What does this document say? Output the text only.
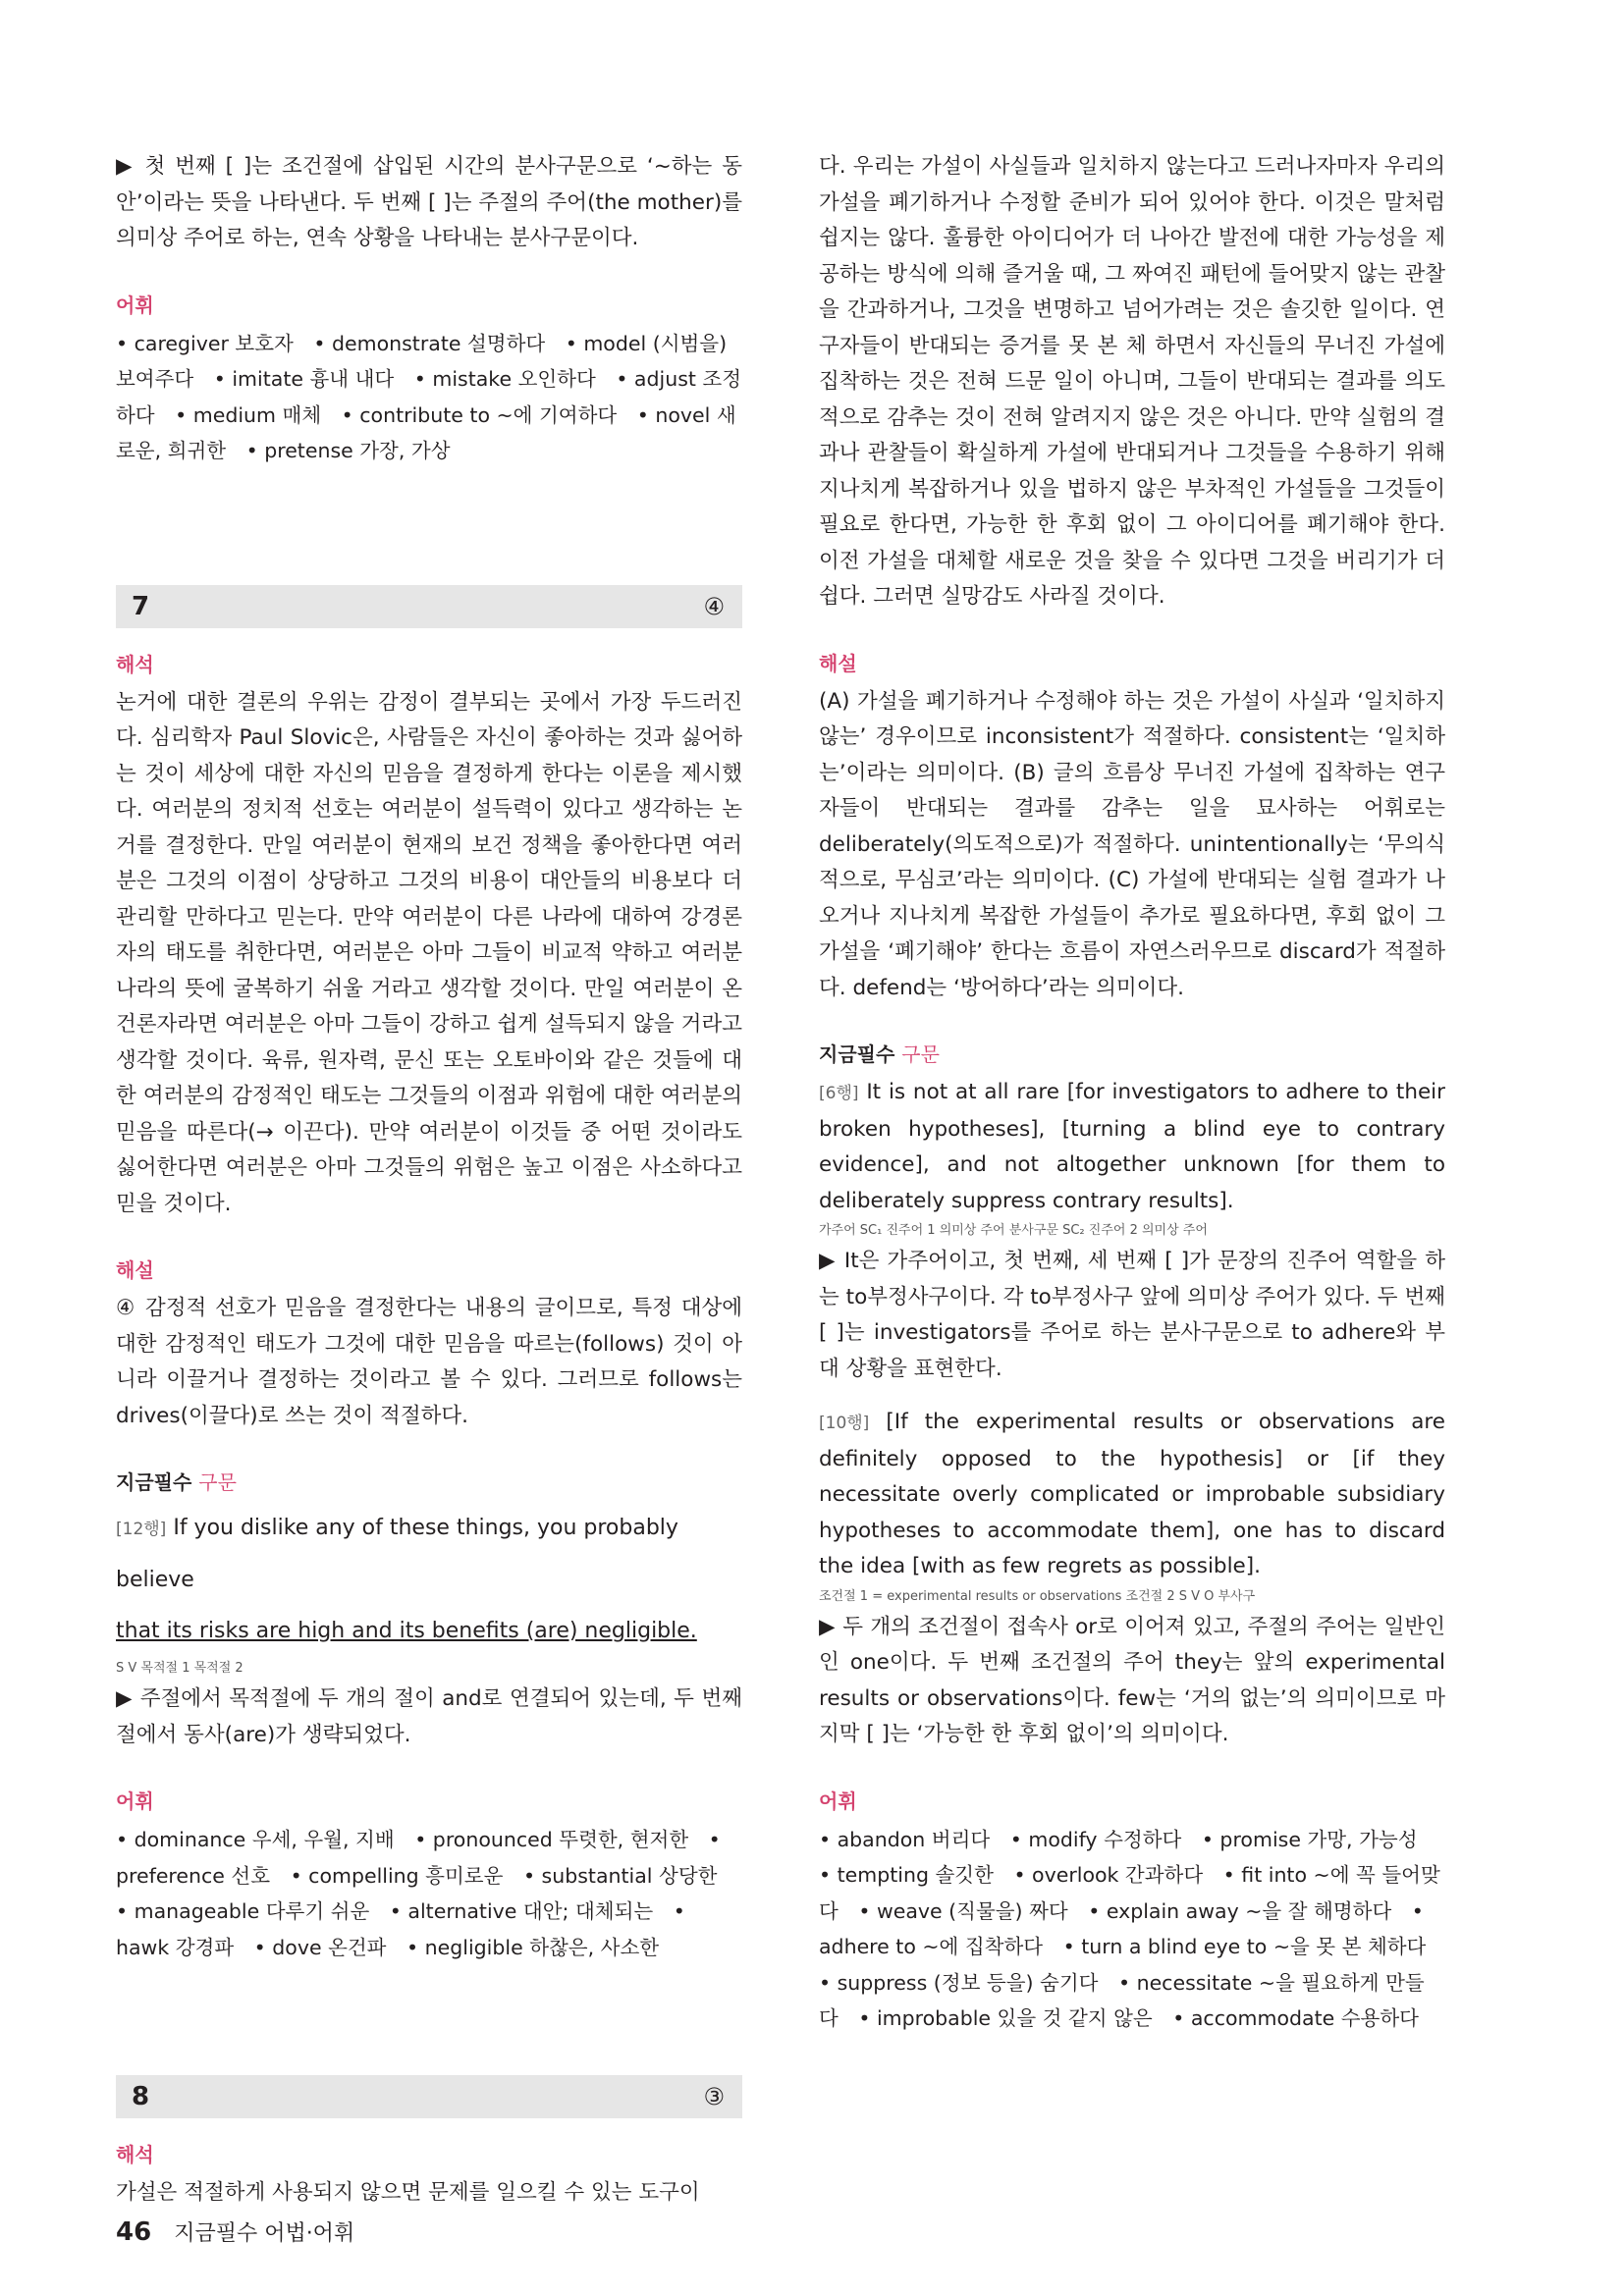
▶ 첫 번째 [ ]는 조건절에 삽입된 시간의 분사구문으로 ‘~하는 동안’이라는 뜻을 나타낸다. 두 번째 [ ]는 주절의 주어(the mother)를 의미상 주어로 하는, 연속 상황을 나타내는 분사구문이다.

어휘

• caregiver 보호자 • demonstrate 설명하다 • model (시범을) 보여주다 • imitate 흉내 내다 • mistake 오인하다 • adjust 조정하다 • medium 매체 • contribute to ~에 기여하다 • novel 새로운, 희귀한 • pretense 가장, 가상

7	④

해석

논거에 대한 결론의 우위는 감정이 결부되는 곳에서 가장 두드러진다. 심리학자 Paul Slovic은, 사람들은 자신이 좋아하는 것과 싫어하는 것이 세상에 대한 자신의 믿음을 결정하게 한다는 이론을 제시했다. 여러분의 정치적 선호는 여러분이 설득력이 있다고 생각하는 논거를 결정한다. 만일 여러분이 현재의 보건 정책을 좋아한다면 여러분은 그것의 이점이 상당하고 그것의 비용이 대안들의 비용보다 더 관리할 만하다고 믿는다. 만약 여러분이 다른 나라에 대하여 강경론자의 태도를 취한다면, 여러분은 아마 그들이 비교적 약하고 여러분 나라의 뜻에 굴복하기 쉬울 거라고 생각할 것이다. 만일 여러분이 온건론자라면 여러분은 아마 그들이 강하고 쉽게 설득되지 않을 거라고 생각할 것이다. 육류, 원자력, 문신 또는 오토바이와 같은 것들에 대한 여러분의 감정적인 태도는 그것들의 이점과 위험에 대한 여러분의 믿음을 따른다(→ 이끈다). 만약 여러분이 이것들 중 어떤 것이라도 싫어한다면 여러분은 아마 그것들의 위험은 높고 이점은 사소하다고 믿을 것이다.

해설

④ 감정적 선호가 믿음을 결정한다는 내용의 글이므로, 특정 대상에 대한 감정적인 태도가 그것에 대한 믿음을 따르는(follows) 것이 아니라 이끌거나 결정하는 것이라고 볼 수 있다. 그러므로 follows는 drives(이끌다)로 쓰는 것이 적절하다.

지금필수 구문

[12행] If you dislike any of these things, you probably believe
that its risks are high and its benefits (are) negligible.

S V 목적절 1 목적절 2

▶ 주절에서 목적절에 두 개의 절이 and로 연결되어 있는데, 두 번째 절에서 동사(are)가 생략되었다.

어휘

• dominance 우세, 우월, 지배 • pronounced 뚜렷한, 현저한 • preference 선호 • compelling 흥미로운 • substantial 상당한 • manageable 다루기 쉬운 • alternative 대안; 대체되는 • hawk 강경파 • dove 온건파 • negligible 하찮은, 사소한

8	③

해석

가설은 적절하게 사용되지 않으면 문제를 일으킬 수 있는 도구이

다. 우리는 가설이 사실들과 일치하지 않는다고 드러나자마자 우리의 가설을 폐기하거나 수정할 준비가 되어 있어야 한다. 이것은 말처럼 쉽지는 않다. 훌륭한 아이디어가 더 나아간 발전에 대한 가능성을 제공하는 방식에 의해 즐거울 때, 그 짜여진 패턴에 들어맞지 않는 관찰을 간과하거나, 그것을 변명하고 넘어가려는 것은 솔깃한 일이다. 연구자들이 반대되는 증거를 못 본 체 하면서 자신들의 무너진 가설에 집착하는 것은 전혀 드문 일이 아니며, 그들이 반대되는 결과를 의도적으로 감추는 것이 전혀 알려지지 않은 것은 아니다. 만약 실험의 결과나 관찰들이 확실하게 가설에 반대되거나 그것들을 수용하기 위해 지나치게 복잡하거나 있을 법하지 않은 부차적인 가설들을 그것들이 필요로 한다면, 가능한 한 후회 없이 그 아이디어를 폐기해야 한다. 이전 가설을 대체할 새로운 것을 찾을 수 있다면 그것을 버리기가 더 쉽다. 그러면 실망감도 사라질 것이다.

해설

(A) 가설을 폐기하거나 수정해야 하는 것은 가설이 사실과 ‘일치하지 않는’ 경우이므로 inconsistent가 적절하다. consistent는 ‘일치하는’이라는 의미이다. (B) 글의 흐름상 무너진 가설에 집착하는 연구자들이 반대되는 결과를 감추는 일을 묘사하는 어휘로는 deliberately(의도적으로)가 적절하다. unintentionally는 ‘무의식적으로, 무심코’라는 의미이다. (C) 가설에 반대되는 실험 결과가 나오거나 지나치게 복잡한 가설들이 추가로 필요하다면, 후회 없이 그 가설을 ‘폐기해야’ 한다는 흐름이 자연스러우므로 discard가 적절하다. defend는 ‘방어하다’라는 의미이다.

지금필수 구문

[6행] It is not at all rare [for investigators to adhere to their broken hypotheses], [turning a blind eye to contrary evidence], and not altogether unknown [for them to deliberately suppress contrary results].

가주어 SC₁ 진주어 1 의미상 주어 분사구문 SC₂ 진주어 2 의미상 주어

▶ It은 가주어이고, 첫 번째, 세 번째 [ ]가 문장의 진주어 역할을 하는 to부정사구이다. 각 to부정사구 앞에 의미상 주어가 있다. 두 번째 [ ]는 investigators를 주어로 하는 분사구문으로 to adhere와 부대 상황을 표현한다.

[10행] [If the experimental results or observations are definitely opposed to the hypothesis] or [if they necessitate overly complicated or improbable subsidiary hypotheses to accommodate them], one has to discard the idea [with as few regrets as possible].

조건절 1 = experimental results or observations 조건절 2 S V O 부사구

▶ 두 개의 조건절이 접속사 or로 이어져 있고, 주절의 주어는 일반인인 one이다. 두 번째 조건절의 주어 they는 앞의 experimental results or observations이다. few는 ‘거의 없는’의 의미이므로 마지막 [ ]는 ‘가능한 한 후회 없이’의 의미이다.

어휘

• abandon 버리다 • modify 수정하다 • promise 가망, 가능성 • tempting 솔깃한 • overlook 간과하다 • fit into ~에 꼭 들어맞다 • weave (직물을) 짜다 • explain away ~을 잘 해명하다 • adhere to ~에 집착하다 • turn a blind eye to ~을 못 본 체하다 • suppress (정보 등을) 숨기다 • necessitate ~을 필요하게 만들다 • improbable 있을 것 같지 않은 • accommodate 수용하다

46 지금필수 어법·어휘
